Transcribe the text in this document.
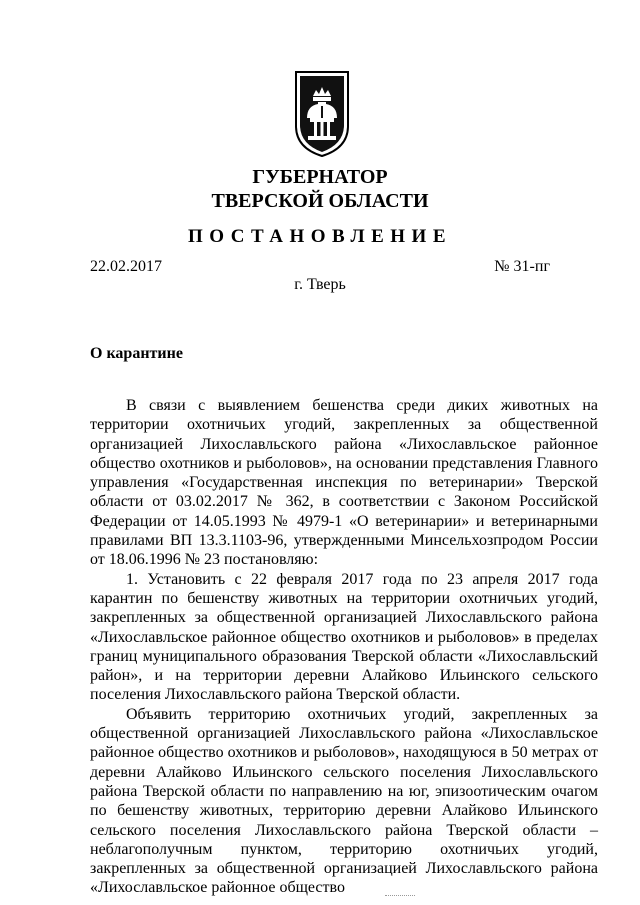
ГУБЕРНАТОР
ТВЕРСКОЙ ОБЛАСТИ
ПОСТАНОВЛЕНИЕ
22.02.2017	№ 31-пг
г. Тверь
О карантине

В связи с выявлением бешенства среди диких животных на территории охотничьих угодий, закрепленных за общественной организацией Лихославльского района «Лихославльское районное общество охотников и рыболовов», на основании представления Главного управления «Государственная инспекция по ветеринарии» Тверской области от 03.02.2017 № 362, в соответствии с Законом Российской Федерации от 14.05.1993 № 4979-1 «О ветеринарии» и ветеринарными правилами ВП 13.3.1103-96, утвержденными Минсельхозпродом России от 18.06.1996 № 23 постановляю:

1. Установить с 22 февраля 2017 года по 23 апреля 2017 года карантин по бешенству животных на территории охотничьих угодий, закрепленных за общественной организацией Лихославльского района «Лихославльское районное общество охотников и рыболовов» в пределах границ муниципального образования Тверской области «Лихославльский район», и на территории деревни Алайково Ильинского сельского поселения Лихославльского района Тверской области.

Объявить территорию охотничьих угодий, закрепленных за общественной организацией Лихославльского района «Лихославльское районное общество охотников и рыболовов», находящуюся в 50 метрах от деревни Алайково Ильинского сельского поселения Лихославльского района Тверской области по направлению на юг, эпизоотическим очагом по бешенству животных, территорию деревни Алайково Ильинского сельского поселения Лихославльского района Тверской области – неблагополучным пунктом, территорию охотничьих угодий, закрепленных за общественной организацией Лихославльского района «Лихославльское районное общество
